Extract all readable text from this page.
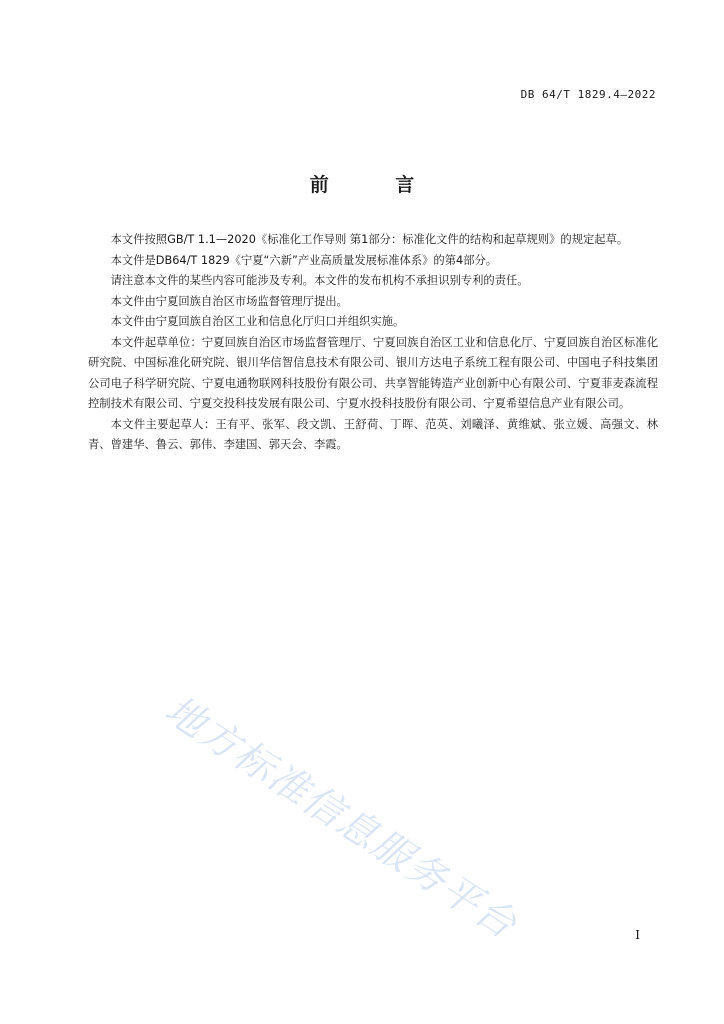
DB 64/T 1829.4—2022
前 言

本文件按照GB/T 1.1—2020《标准化工作导则 第1部分：标准化文件的结构和起草规则》的规定起草。

本文件是DB64/T 1829《宁夏“六新”产业高质量发展标准体系》的第4部分。

请注意本文件的某些内容可能涉及专利。本文件的发布机构不承担识别专利的责任。

本文件由宁夏回族自治区市场监督管理厅提出。

本文件由宁夏回族自治区工业和信息化厅归口并组织实施。

本文件起草单位：宁夏回族自治区市场监督管理厅、宁夏回族自治区工业和信息化厅、宁夏回族自治区标准化研究院、中国标准化研究院、银川华信智信息技术有限公司、银川方达电子系统工程有限公司、中国电子科技集团公司电子科学研究院、宁夏电通物联网科技股份有限公司、共享智能铸造产业创新中心有限公司、宁夏菲麦森流程控制技术有限公司、宁夏交投科技发展有限公司、宁夏水投科技股份有限公司、宁夏希望信息产业有限公司。

本文件主要起草人：王有平、张军、段文凯、王舒荷、丁晖、范英、刘曦泽、黄维斌、张立媛、高强文、林青、曾建华、鲁云、郭伟、李建国、郭天会、李霞。

地方标准信息服务平台	I
